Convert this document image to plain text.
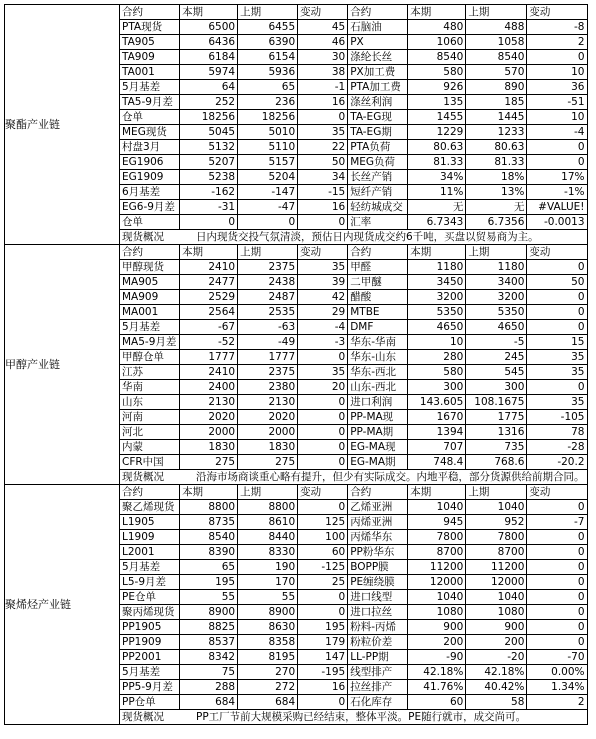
聚酯产业链	合约	本期	上期	变动	合约	本期	上期	变动
	PTA现货	6500	6455	45	石脑油	480	488	-8
	TA905	6436	6390	46	PX	1060	1058	2
	TA909	6184	6154	30	涤纶长丝	8540	8540	0
	TA001	5974	5936	38	PX加工费	580	570	10
	5月基差	64	65	-1	PTA加工费	926	890	36
	TA5-9月差	252	236	16	涤丝利润	135	185	-51
	仓单	18256	18256	0	TA-EG现	1455	1445	10
	MEG现货	5045	5010	35	TA-EG期	1229	1233	-4
	村盘3月	5132	5110	22	PTA负荷	80.63	80.63	0
	EG1906	5207	5157	50	MEG负荷	81.33	81.33	0
	EG1909	5238	5204	34	长丝产销	34%	18%	17%
	6月基差	-162	-147	-15	短纤产销	11%	13%	-1%
	EG6-9月差	-31	-47	16	轻纺城成交	无	无	#VALUE!
	仓单	0	0	0	汇率	6.7343	6.7356	-0.0013
	现货概况 日内现货交投气氛清淡，预估日内现货成交约6千吨，买盘以贸易商为主。							
甲醇产业链	合约	本期	上期	变动	合约	本期	上期	变动
	甲醇现货	2410	2375	35	甲醛	1180	1180	0
	MA905	2477	2438	39	二甲醚	3450	3400	50
	MA909	2529	2487	42	醋酸	3200	3200	0
	MA001	2564	2535	29	MTBE	5350	5350	0
	5月基差	-67	-63	-4	DMF	4650	4650	0
	MA5-9月差	-52	-49	-3	华东-华南	10	-5	15
	甲醇仓单	1777	1777	0	华东-山东	280	245	35
	江苏	2410	2375	35	华东-西北	580	545	35
	华南	2400	2380	20	山东-西北	300	300	0
	山东	2130	2130	0	进口利润	143.605	108.1675	35
	河南	2020	2020	0	PP-MA现	1670	1775	-105
	河北	2000	2000	0	PP-MA期	1394	1316	78
	内蒙	1830	1830	0	EG-MA现	707	735	-28
	CFR中国	275	275	0	EG-MA期	748.4	768.6	-20.2
	现货概况 沿海市场商谈重心略有提升，但少有实际成交。内地平稳，部分货源供给前期合同。							
聚烯烃产业链	合约	本期	上期	变动	合约	本期	上期	变动
	聚乙烯现货	8800	8800	0	乙烯亚洲	1040	1040	0
	L1905	8735	8610	125	丙烯亚洲	945	952	-7
	L1909	8540	8440	100	丙烯华东	7800	7800	0
	L2001	8390	8330	60	PP粉华东	8700	8700	0
	5月基差	65	190	-125	BOPP膜	11200	11200	0
	L5-9月差	195	170	25	PE缠绕膜	12000	12000	0
	PE仓单	55	55	0	进口线型	1040	1040	0
	聚丙烯现货	8900	8900	0	进口拉丝	1080	1080	0
	PP1905	8825	8630	195	粉料-丙烯	900	900	0
	PP1909	8537	8358	179	粉粒价差	200	200	0
	PP2001	8342	8195	147	LL-PP期	-90	-20	-70
	5月基差	75	270	-195	线型排产	42.18%	42.18%	0.00%
	PP5-9月差	288	272	16	拉丝排产	41.76%	40.42%	1.34%
	PP仓单	684	684	0	石化库存	60	58	2
	现货概况 PP工厂节前大规模采购已经结束，整体平淡。PE随行就市，成交尚可。							
